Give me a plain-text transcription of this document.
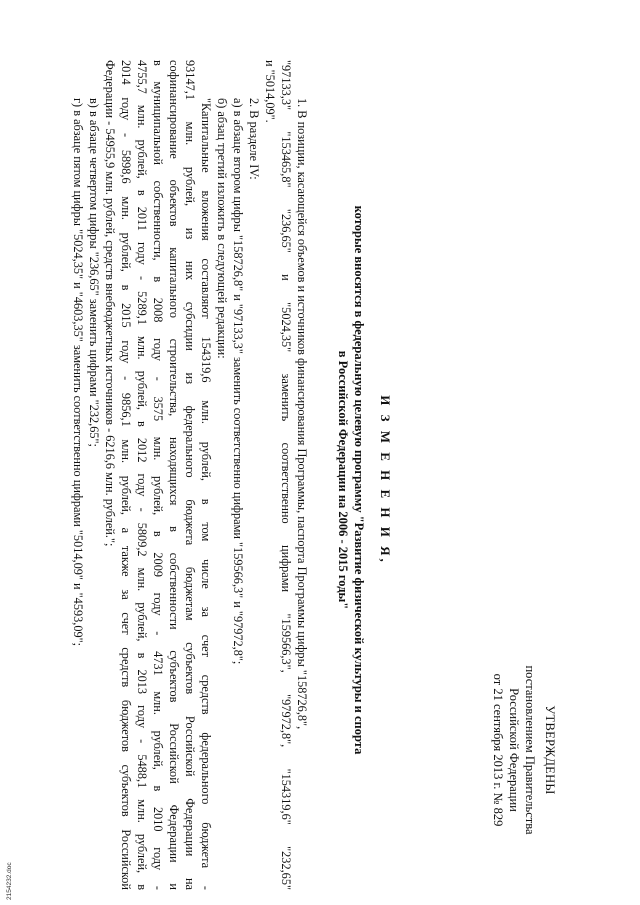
УТВЕРЖДЕНЫ
постановлением Правительства
Российской Федерации
от 21 сентября 2013 г. № 829
И З М Е Н Е Н И Я,
которые вносятся в федеральную целевую программу "Развитие физической культуры и спорта
в Российской Федерации на 2006 - 2015 годы"
1. В позиции, касающейся объемов и источников финансирования Программы, паспорта Программы цифры "158726,8",
"97133,3" "153465,8" "236,65" и "5024,35" заменить соответственно цифрами "159566,3", "97972,8", "154319,6" "232,65"
и "5014,09".
2. В разделе IV:
а) в абзаце втором цифры "158726,8" и "97133,3" заменить соответственно цифрами "159566,3" и "97972,8";
б) абзац третий изложить в следующей редакции:
"Капитальные вложения составляют 154319,6 млн. рублей, в том числе за счет средств федерального бюджета -
93147,1 млн. рублей, из них субсидии из федерального бюджета бюджетам субъектов Российской Федерации на
софинансирование объектов капитального строительства, находящихся в собственности субъектов Российской Федерации и
в муниципальной собственности, в 2008 году - 3575 млн. рублей, в 2009 году - 4731 млн. рублей, в 2010 году -
4755,7 млн. рублей, в 2011 году - 5289,1 млн. рублей, в 2012 году - 5809,2 млн. рублей, в 2013 году - 5488,1 млн. рублей, в
2014 году - 5898,6 млн. рублей, в 2015 году - 9856,1 млн. рублей, а также за счет средств бюджетов субъектов Российской
Федерации - 54955,9 млн. рублей, средств внебюджетных источников - 6216,6 млн. рублей.";
в) в абзаце четвертом цифры "236,65" заменить цифрами "232,65";
г) в абзаце пятом цифры "5024,35" и "4603,35" заменить соответственно цифрами "5014,09" и "4593,09";
2154232.doc
